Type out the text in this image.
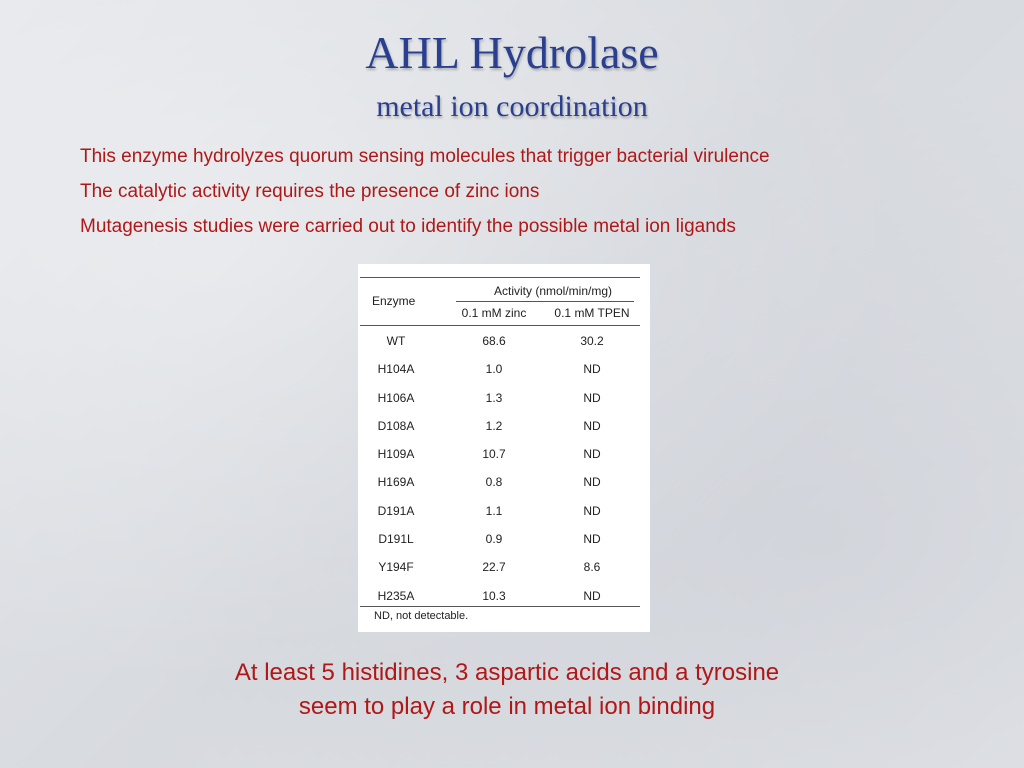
AHL Hydrolase
metal ion coordination
This enzyme hydrolyzes quorum sensing molecules that trigger bacterial virulence
The catalytic activity requires the presence of zinc ions
Mutagenesis studies were carried out to identify the possible metal ion ligands
Enzyme
Activity (nmol/min/mg)
0.1 mM zinc	0.1 mM TPEN
WT	68.6	30.2
H104A	1.0	ND
H106A	1.3	ND
D108A	1.2	ND
H109A	10.7	ND
H169A	0.8	ND
D191A	1.1	ND
D191L	0.9	ND
Y194F	22.7	8.6
H235A	10.3	ND
ND, not detectable.
At least 5 histidines, 3 aspartic acids and a tyrosine
seem to play a role in metal ion binding
